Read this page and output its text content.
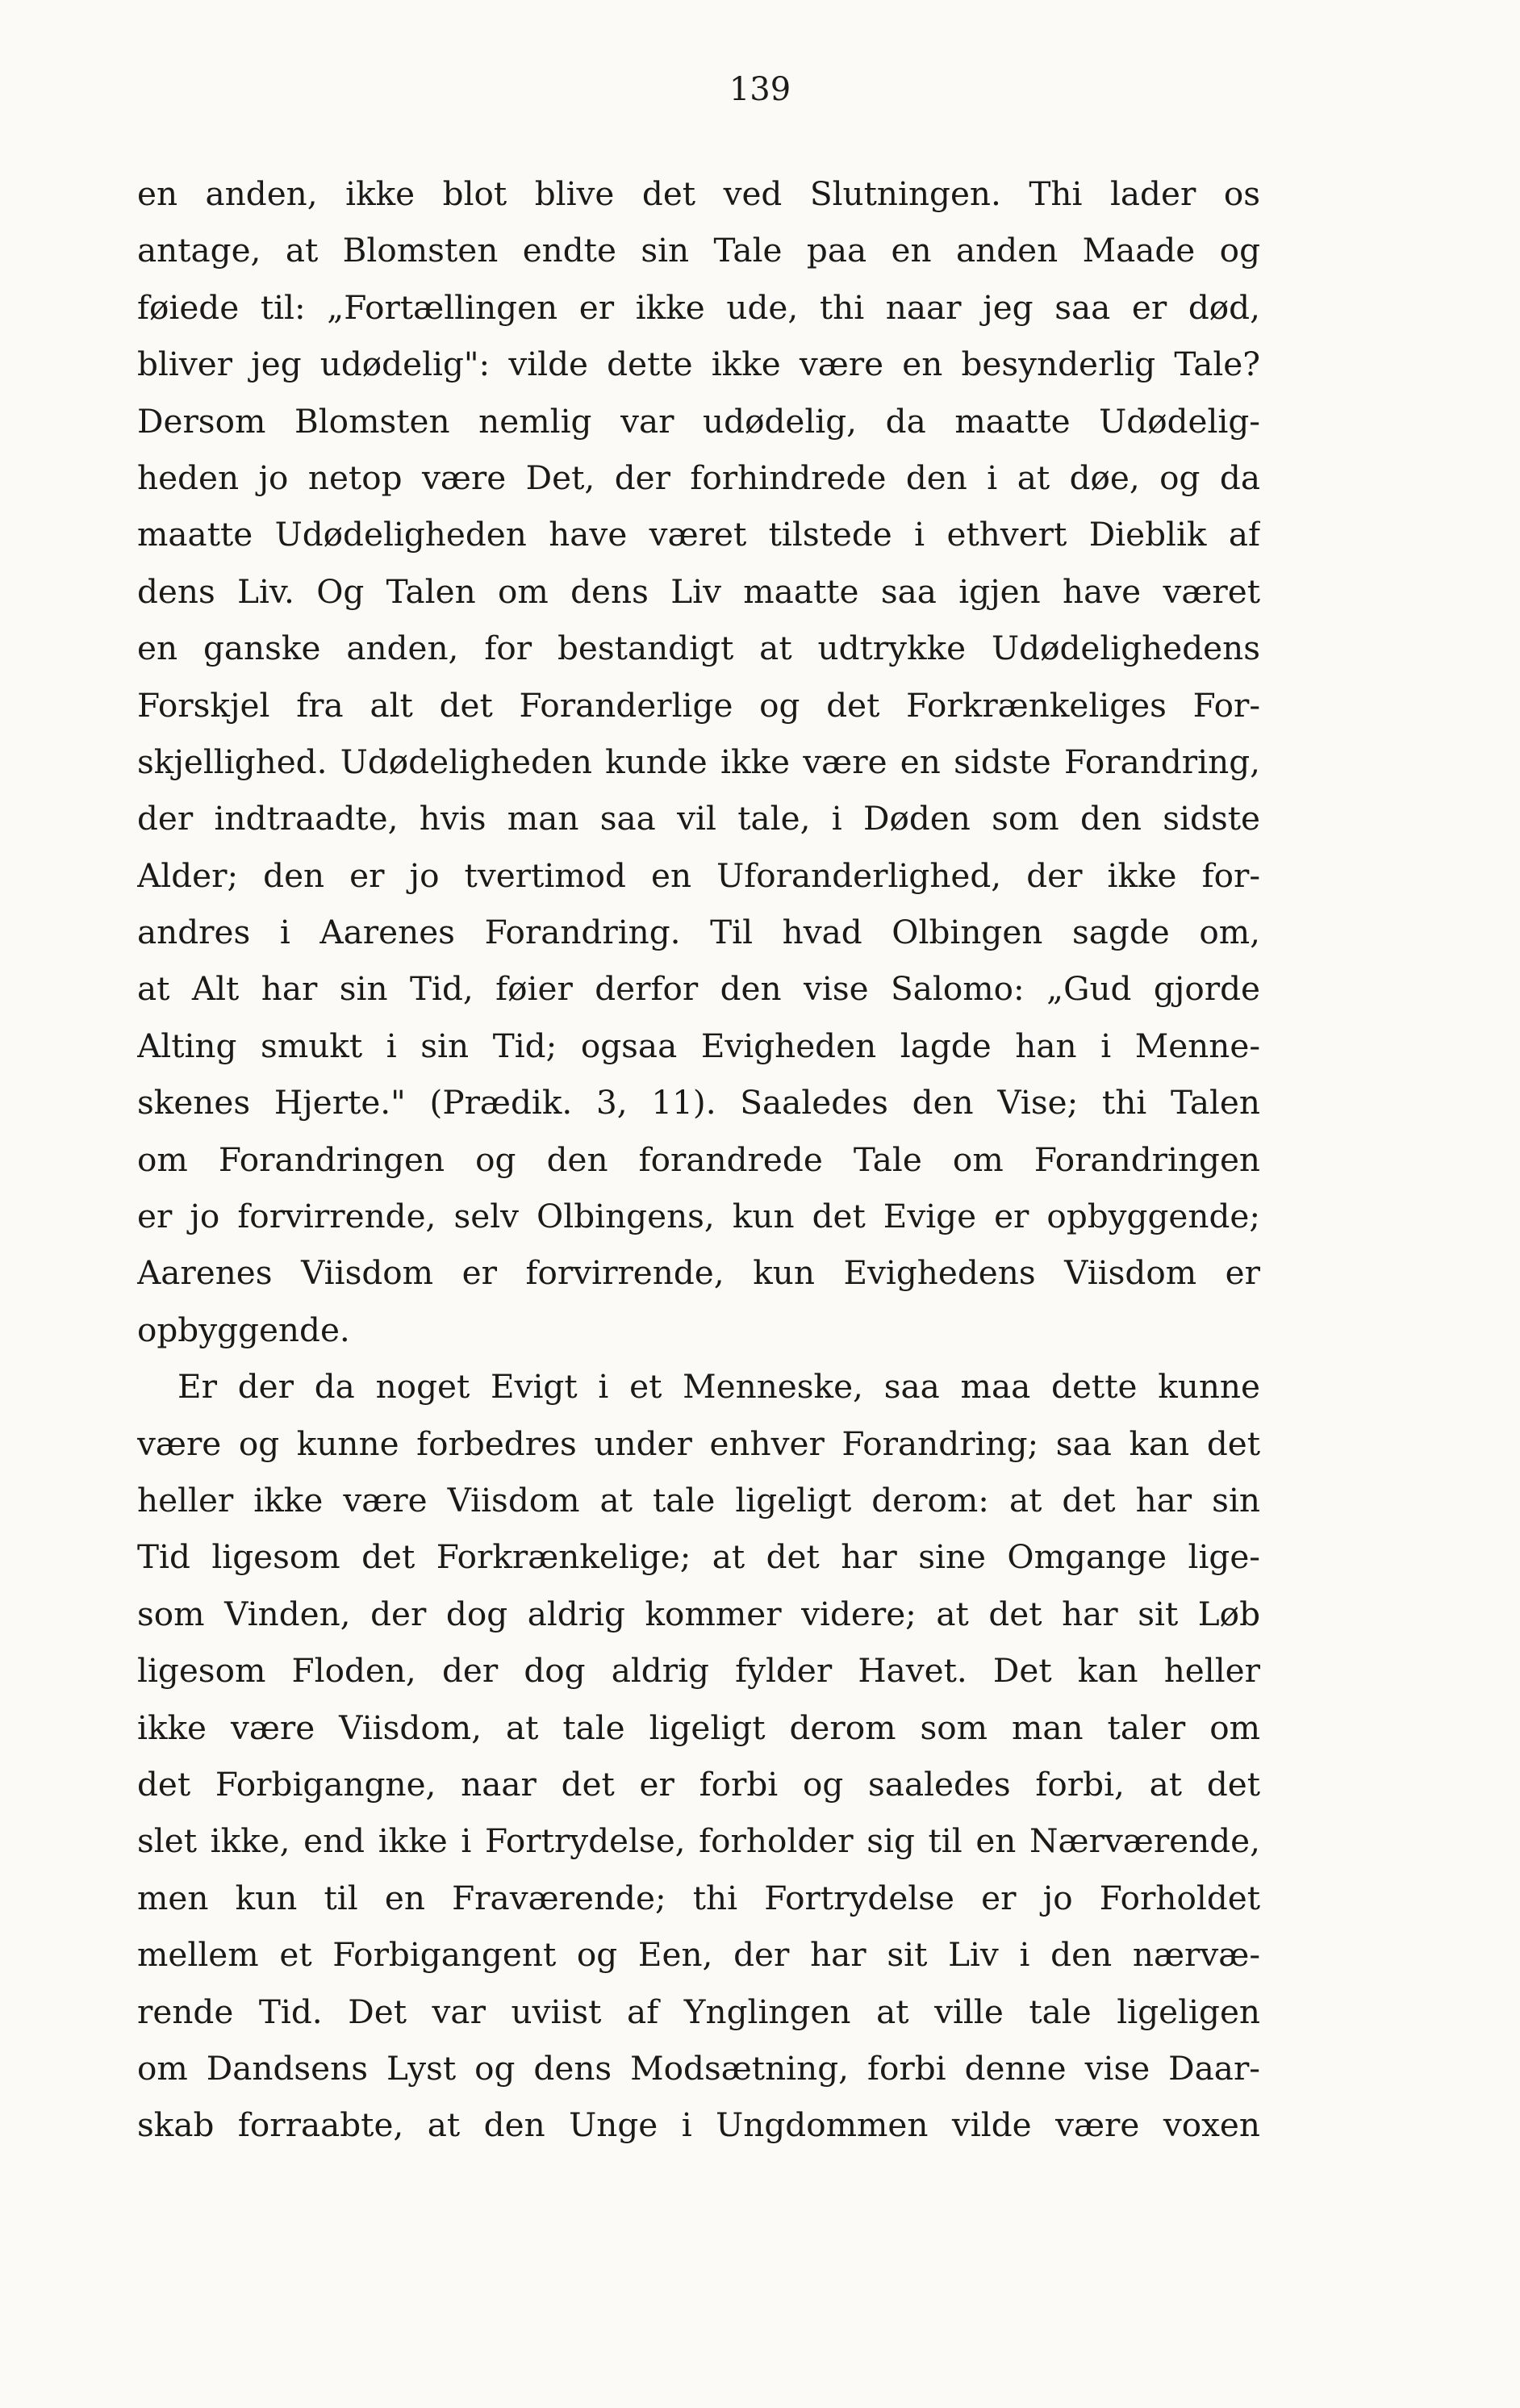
139
en anden, ikke blot blive det ved Slutningen. Thi lader os
antage, at Blomsten endte sin Tale paa en anden Maade og
føiede til: „Fortællingen er ikke ude, thi naar jeg saa er død,
bliver jeg udødelig": vilde dette ikke være en besynderlig Tale?
Dersom Blomsten nemlig var udødelig, da maatte Udødelig-
heden jo netop være Det, der forhindrede den i at døe, og da
maatte Udødeligheden have været tilstede i ethvert Dieblik af
dens Liv. Og Talen om dens Liv maatte saa igjen have været
en ganske anden, for bestandigt at udtrykke Udødelighedens
Forskjel fra alt det Foranderlige og det Forkrænkeliges For-
skjellighed. Udødeligheden kunde ikke være en sidste Forandring,
der indtraadte, hvis man saa vil tale, i Døden som den sidste
Alder; den er jo tvertimod en Uforanderlighed, der ikke for-
andres i Aarenes Forandring. Til hvad Olbingen sagde om,
at Alt har sin Tid, føier derfor den vise Salomo: „Gud gjorde
Alting smukt i sin Tid; ogsaa Evigheden lagde han i Menne-
skenes Hjerte." (Prædik. 3, 11). Saaledes den Vise; thi Talen
om Forandringen og den forandrede Tale om Forandringen
er jo forvirrende, selv Olbingens, kun det Evige er opbyggende;
Aarenes Viisdom er forvirrende, kun Evighedens Viisdom er
opbyggende.
Er der da noget Evigt i et Menneske, saa maa dette kunne
være og kunne forbedres under enhver Forandring; saa kan det
heller ikke være Viisdom at tale ligeligt derom: at det har sin
Tid ligesom det Forkrænkelige; at det har sine Omgange lige-
som Vinden, der dog aldrig kommer videre; at det har sit Løb
ligesom Floden, der dog aldrig fylder Havet. Det kan heller
ikke være Viisdom, at tale ligeligt derom som man taler om
det Forbigangne, naar det er forbi og saaledes forbi, at det
slet ikke, end ikke i Fortrydelse, forholder sig til en Nærværende,
men kun til en Fraværende; thi Fortrydelse er jo Forholdet
mellem et Forbigangent og Een, der har sit Liv i den nærvæ-
rende Tid. Det var uviist af Ynglingen at ville tale ligeligen
om Dandsens Lyst og dens Modsætning, forbi denne vise Daar-
skab forraabte, at den Unge i Ungdommen vilde være voxen
